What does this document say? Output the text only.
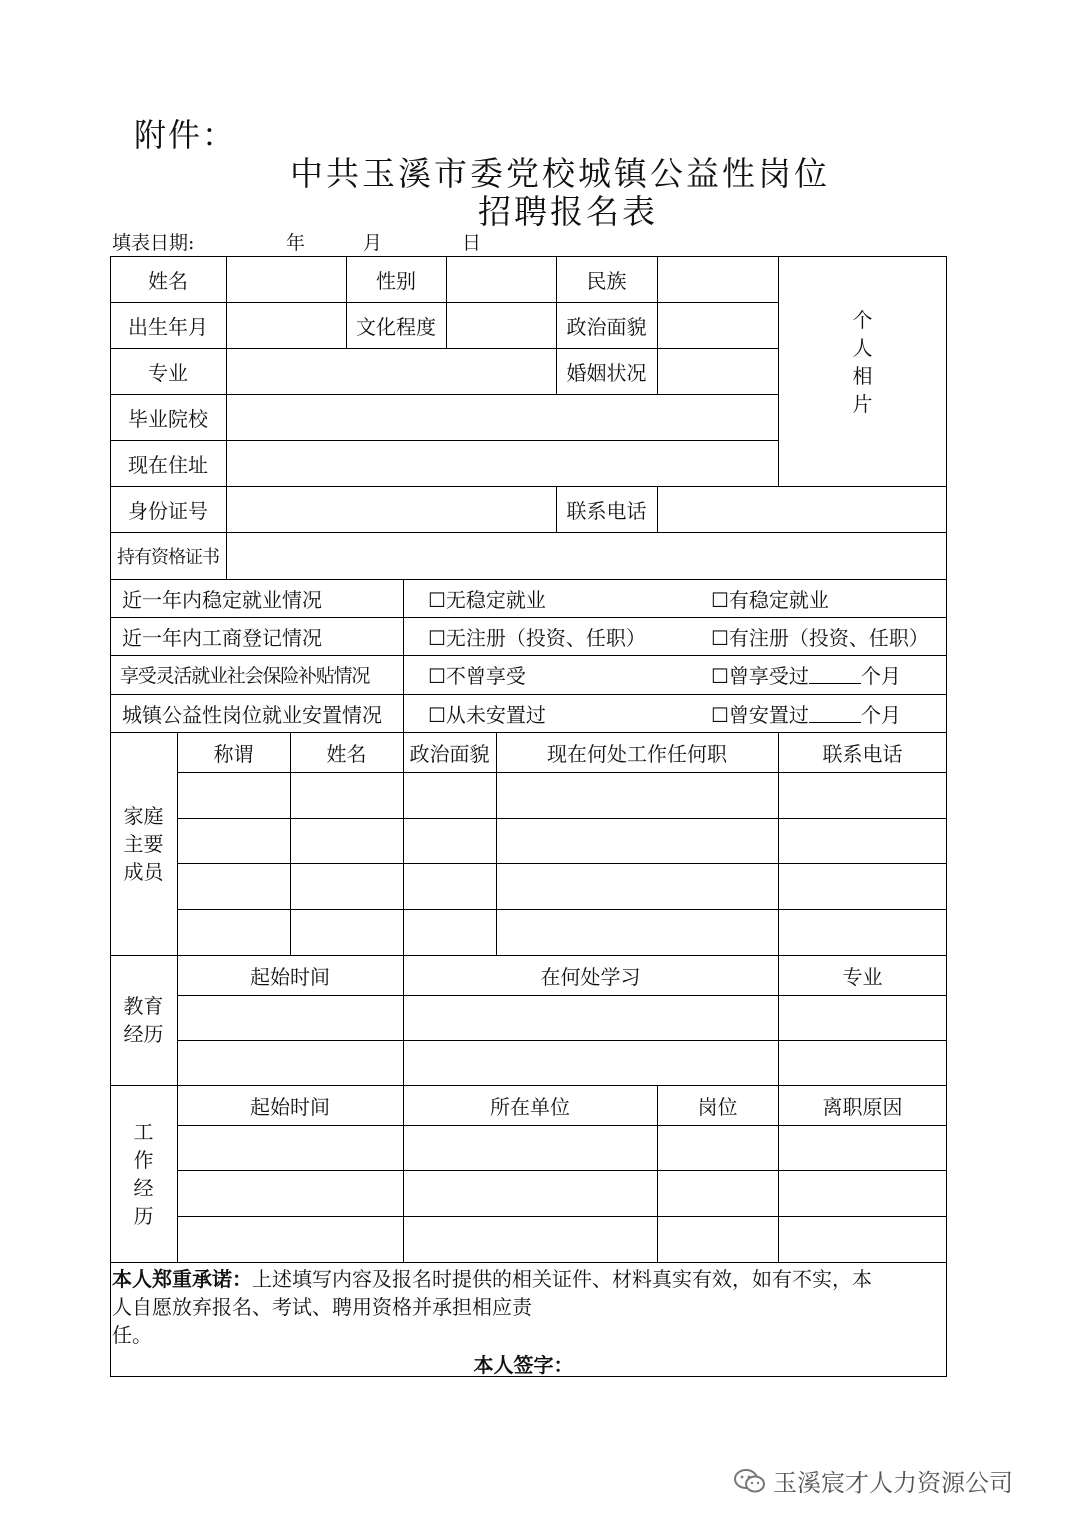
附件：
中共玉溪市委党校城镇公益性岗位
招聘报名表
填表日期:	年	月	日
姓名	性别	民族
出生年月	文化程度	政治面貌
专业	婚姻状况
毕业院校
现在住址
个
人
相
片
身份证号	联系电话
持有资格证书
近一年内稳定就业情况	☐无稳定就业	☐有稳定就业
近一年内工商登记情况	☐无注册（投资、任职）	☐有注册（投资、任职）
享受灵活就业社会保险补贴情况	☐不曾享受	☐曾享受过	个月
城镇公益性岗位就业安置情况	☐从未安置过	☐曾安置过	个月
家庭
主要
成员
称谓	姓名	政治面貌	现在何处工作任何职	联系电话
教育
经历
起始时间	在何处学习	专业
工
作
经
历
起始时间	所在单位	岗位	离职原因
本人郑重承诺：上述填写内容及报名时提供的相关证件、材料真实有效，如有不实，本
人自愿放弃报名、考试、聘用资格并承担相应责
任。
本人签字：
玉溪宸才人力资源公司
